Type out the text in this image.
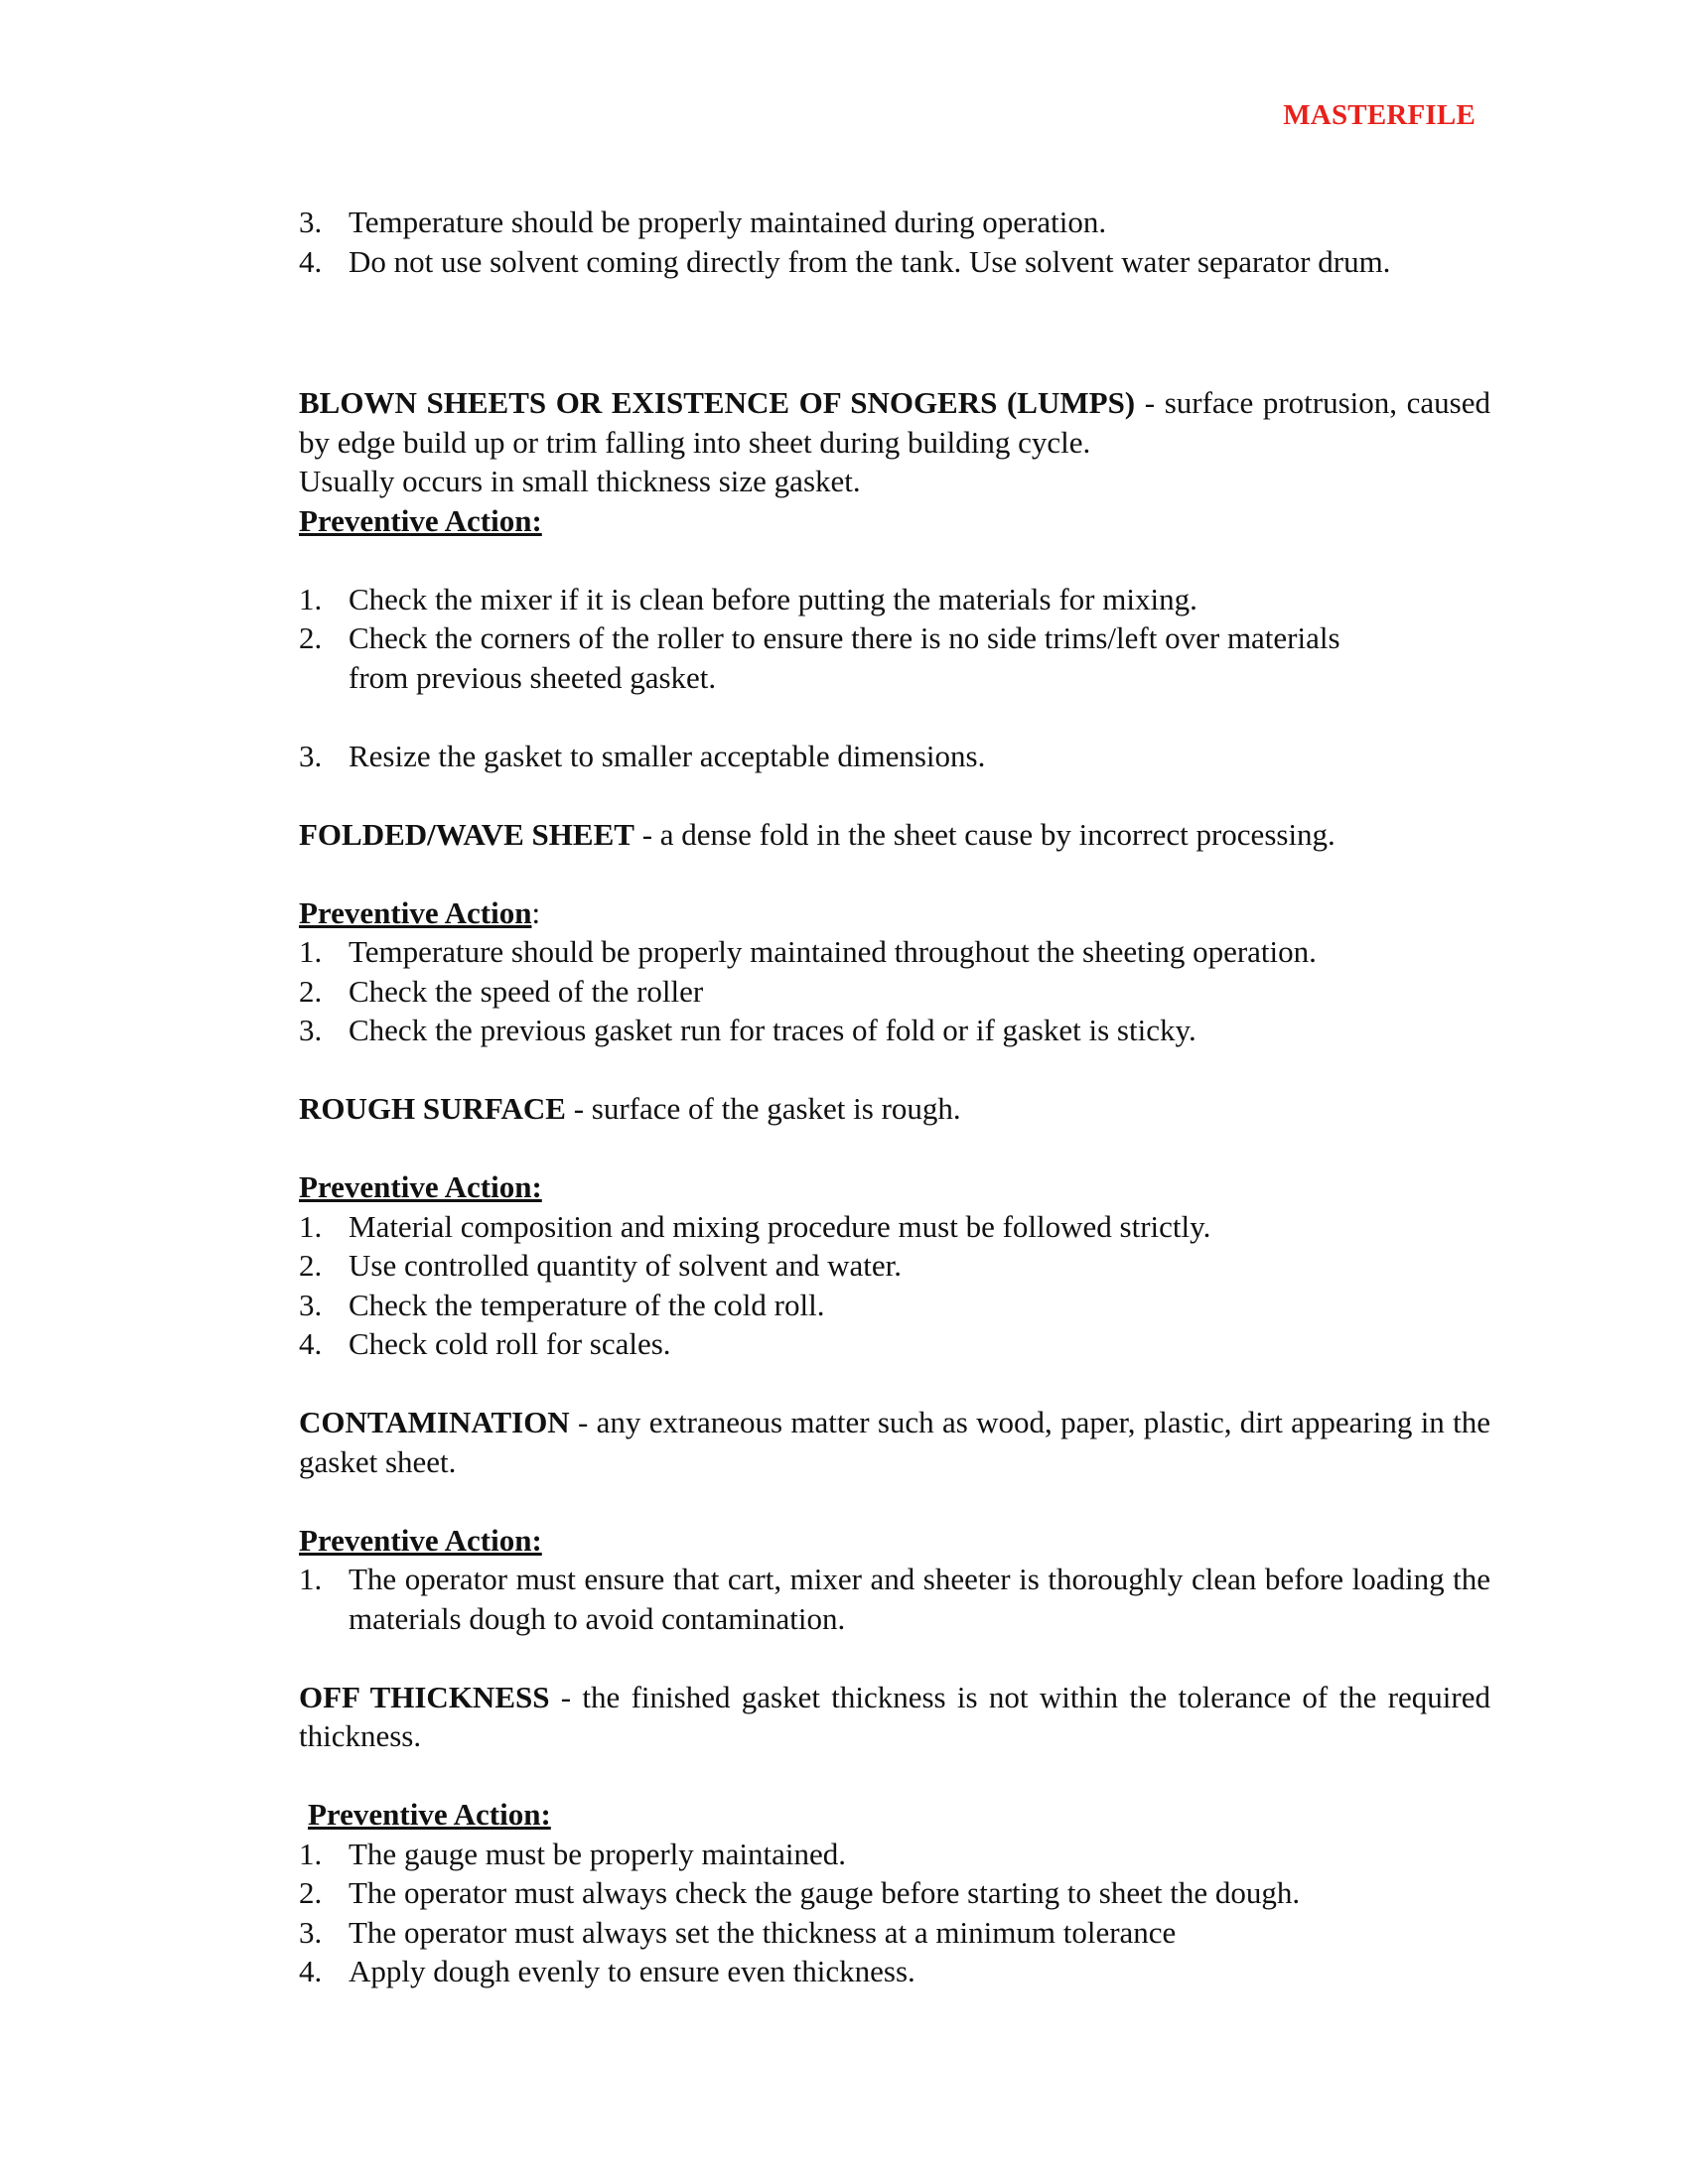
MASTERFILE
3. Temperature should be properly maintained during operation.
4. Do not use solvent coming directly from the tank. Use solvent water separator drum.
BLOWN SHEETS OR EXISTENCE OF SNOGERS (LUMPS) - surface protrusion, caused by edge build up or trim falling into sheet during building cycle.
Usually occurs in small thickness size gasket.
Preventive Action:
1. Check the mixer if it is clean before putting the materials for mixing.
2. Check the corners of the roller to ensure there is no side trims/left over materials from previous sheeted gasket.
3. Resize the gasket to smaller acceptable dimensions.
FOLDED/WAVE SHEET - a dense fold in the sheet cause by incorrect processing.
Preventive Action:
1. Temperature should be properly maintained throughout the sheeting operation.
2. Check the speed of the roller
3. Check the previous gasket run for traces of fold or if gasket is sticky.
ROUGH SURFACE - surface of the gasket is rough.
Preventive Action:
1. Material composition and mixing procedure must be followed strictly.
2. Use controlled quantity of solvent and water.
3. Check the temperature of the cold roll.
4. Check cold roll for scales.
CONTAMINATION - any extraneous matter such as wood, paper, plastic, dirt appearing in the gasket sheet.
Preventive Action:
1. The operator must ensure that cart, mixer and sheeter is thoroughly clean before loading the materials dough to avoid contamination.
OFF THICKNESS - the finished gasket thickness is not within the tolerance of the required thickness.
Preventive Action:
1. The gauge must be properly maintained.
2. The operator must always check the gauge before starting to sheet the dough.
3. The operator must always set the thickness at a minimum tolerance
4. Apply dough evenly to ensure even thickness.
